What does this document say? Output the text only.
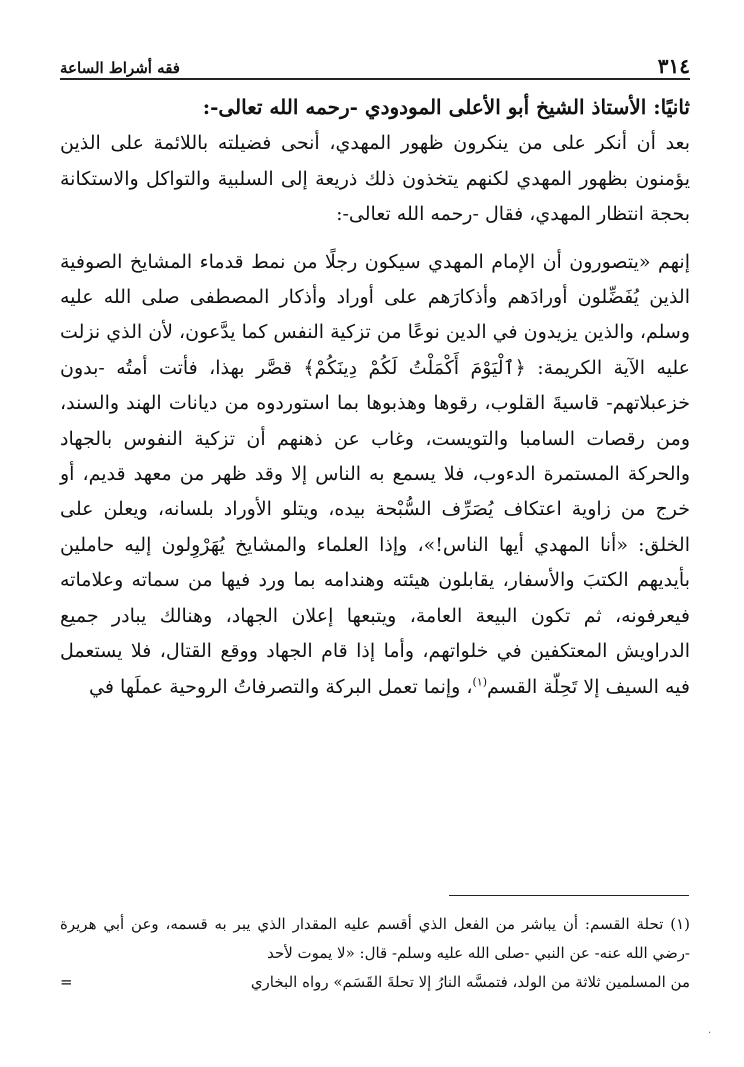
٣١٤
فقه أشراط الساعة

ثانيًا: الأستاذ الشيخ أبو الأعلى المودودي -رحمه الله تعالى-:

بعد أن أنكر على من ينكرون ظهور المهدي، أنحى فضيلته باللائمة على الذين يؤمنون بظهور المهدي لكنهم يتخذون ذلك ذريعة إلى السلبية والتواكل والاستكانة بحجة انتظار المهدي، فقال -رحمه الله تعالى-:

إنهم «يتصورون أن الإمام المهدي سيكون رجلًا من نمط قدماء المشايخ الصوفية الذين يُفَضِّلون أورادَهم وأذكارَهم على أوراد وأذكار المصطفى صلى الله عليه وسلم، والذين يزيدون في الدين نوعًا من تزكية النفس كما يدَّعون، لأن الذي نزلت عليه الآية الكريمة: ﴿ٱلْيَوْمَ أَكْمَلْتُ لَكُمْ دِينَكُمْ﴾ قصَّر بهذا، فأتت أمتُه -بدون خزعبلاتهم- قاسيةَ القلوب، رقوها وهذبوها بما استوردوه من ديانات الهند والسند، ومن رقصات السامبا والتويست، وغاب عن ذهنهم أن تزكية النفوس بالجهاد والحركة المستمرة الدءوب، فلا يسمع به الناس إلا وقد ظهر من معهد قديم، أو خرج من زاوية اعتكاف يُصَرِّف السُّبْحة بيده، ويتلو الأوراد بلسانه، ويعلن على الخلق: «أنا المهدي أيها الناس!»، وإذا العلماء والمشايخ يُهَرْوِلون إليه حاملين بأيديهم الكتبَ والأسفار، يقابلون هيئته وهندامه بما ورد فيها من سماته وعلاماته فيعرفونه، ثم تكون البيعة العامة، ويتبعها إعلان الجهاد، وهنالك يبادر جميع الدراويش المعتكفين في خلواتهم، وأما إذا قام الجهاد ووقع القتال، فلا يستعمل فيه السيف إلا تَحِلّة القسم$^{(١)}$، وإنما تعمل البركة والتصرفاتُ الروحية عملَها في

(١) تحلة القسم: أن يباشر من الفعل الذي أقسم عليه المقدار الذي يبر به قسمه، وعن أبي هريرة -رضي الله عنه- عن النبي -صلى الله عليه وسلم- قال: «لا يموت لأحد

من المسلمين ثلاثة من الولد، فتمسَّه النارُ إلا تحلةَ القَسَم» رواه البخاري
=
·
